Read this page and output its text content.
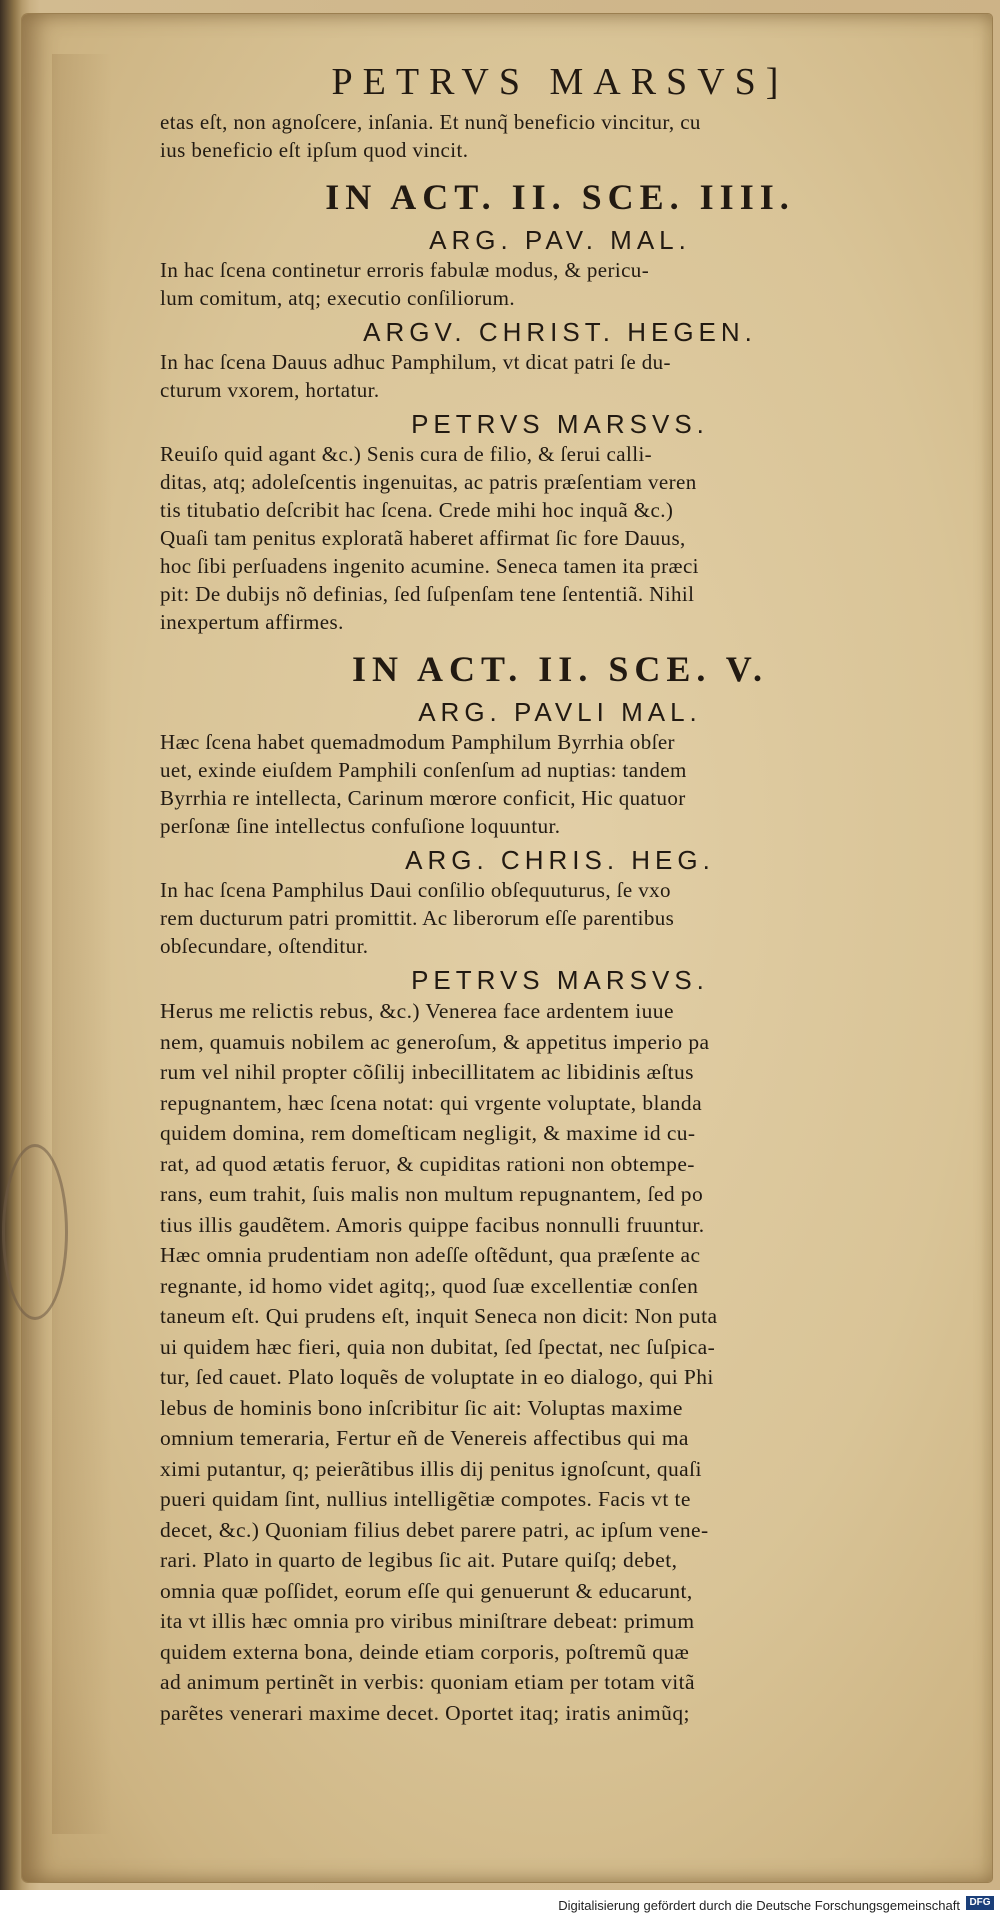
PETRVS MARSVS]
etas eſt, non agnoſcere, inſania. Et nunq̃ beneficio vincitur, cu
ius beneficio eſt ipſum quod vincit.
IN ACT. II. SCE. IIII.
ARG. PAV. MAL.
In hac ſcena continetur erroris fabulæ modus, & pericu-
lum comitum, atq; executio conſiliorum.
ARGV. CHRIST. HEGEN.
In hac ſcena Dauus adhuc Pamphilum, vt dicat patri ſe du-
cturum vxorem, hortatur.
PETRVS MARSVS.
Reuiſo quid agant &c.) Senis cura de filio, & ſerui calli-
ditas, atq; adoleſcentis ingenuitas, ac patris præſentiam veren
tis titubatio deſcribit hac ſcena. Crede mihi hoc inquã &c.)
Quaſi tam penitus exploratã haberet affirmat ſic fore Dauus,
hoc ſibi perſuadens ingenito acumine. Seneca tamen ita præci
pit: De dubijs nõ definias, ſed ſuſpenſam tene ſententiã. Nihil
inexpertum affirmes.
IN ACT. II. SCE. V.
ARG. PAVLI MAL.
Hæc ſcena habet quemadmodum Pamphilum Byrrhia obſer
uet, exinde eiuſdem Pamphili conſenſum ad nuptias: tandem
Byrrhia re intellecta, Carinum mœrore conficit, Hic quatuor
perſonæ ſine intellectus confuſione loquuntur.
ARG. CHRIS. HEG.
In hac ſcena Pamphilus Daui conſilio obſequuturus, ſe vxo
rem ducturum patri promittit. Ac liberorum eſſe parentibus
obſecundare, oſtenditur.
PETRVS MARSVS.
Herus me relictis rebus, &c.) Venerea face ardentem iuue
nem, quamuis nobilem ac generoſum, & appetitus imperio pa
rum vel nihil propter cõſilij inbecillitatem ac libidinis æſtus
repugnantem, hæc ſcena notat: qui vrgente voluptate, blanda
quidem domina, rem domeſticam negligit, & maxime id cu-
rat, ad quod ætatis feruor, & cupiditas rationi non obtempe-
rans, eum trahit, ſuis malis non multum repugnantem, ſed po
tius illis gaudẽtem. Amoris quippe facibus nonnulli fruuntur.
Hæc omnia prudentiam non adeſſe oſtẽdunt, qua præſente ac
regnante, id homo videt agitq;, quod ſuæ excellentiæ conſen
taneum eſt. Qui prudens eſt, inquit Seneca non dicit: Non puta
ui quidem hæc fieri, quia non dubitat, ſed ſpectat, nec ſuſpica-
tur, ſed cauet. Plato loquẽs de voluptate in eo dialogo, qui Phi
lebus de hominis bono inſcribitur ſic ait: Voluptas maxime
omnium temeraria, Fertur eñ de Venereis affectibus qui ma
ximi putantur, q; peierãtibus illis dij penitus ignoſcunt, quaſi
pueri quidam ſint, nullius intelligẽtiæ compotes. Facis vt te
decet, &c.) Quoniam filius debet parere patri, ac ipſum vene-
rari. Plato in quarto de legibus ſic ait. Putare quiſq; debet,
omnia quæ poſſidet, eorum eſſe qui genuerunt & educarunt,
ita vt illis hæc omnia pro viribus miniſtrare debeat: primum
quidem externa bona, deinde etiam corporis, poſtremũ quæ
ad animum pertinẽt in verbis: quoniam etiam per totam vitã
parẽtes venerari maxime decet. Oportet itaq; iratis animũq;
Digitalisierung gefördert durch die Deutsche Forschungsgemeinschaft DFG
